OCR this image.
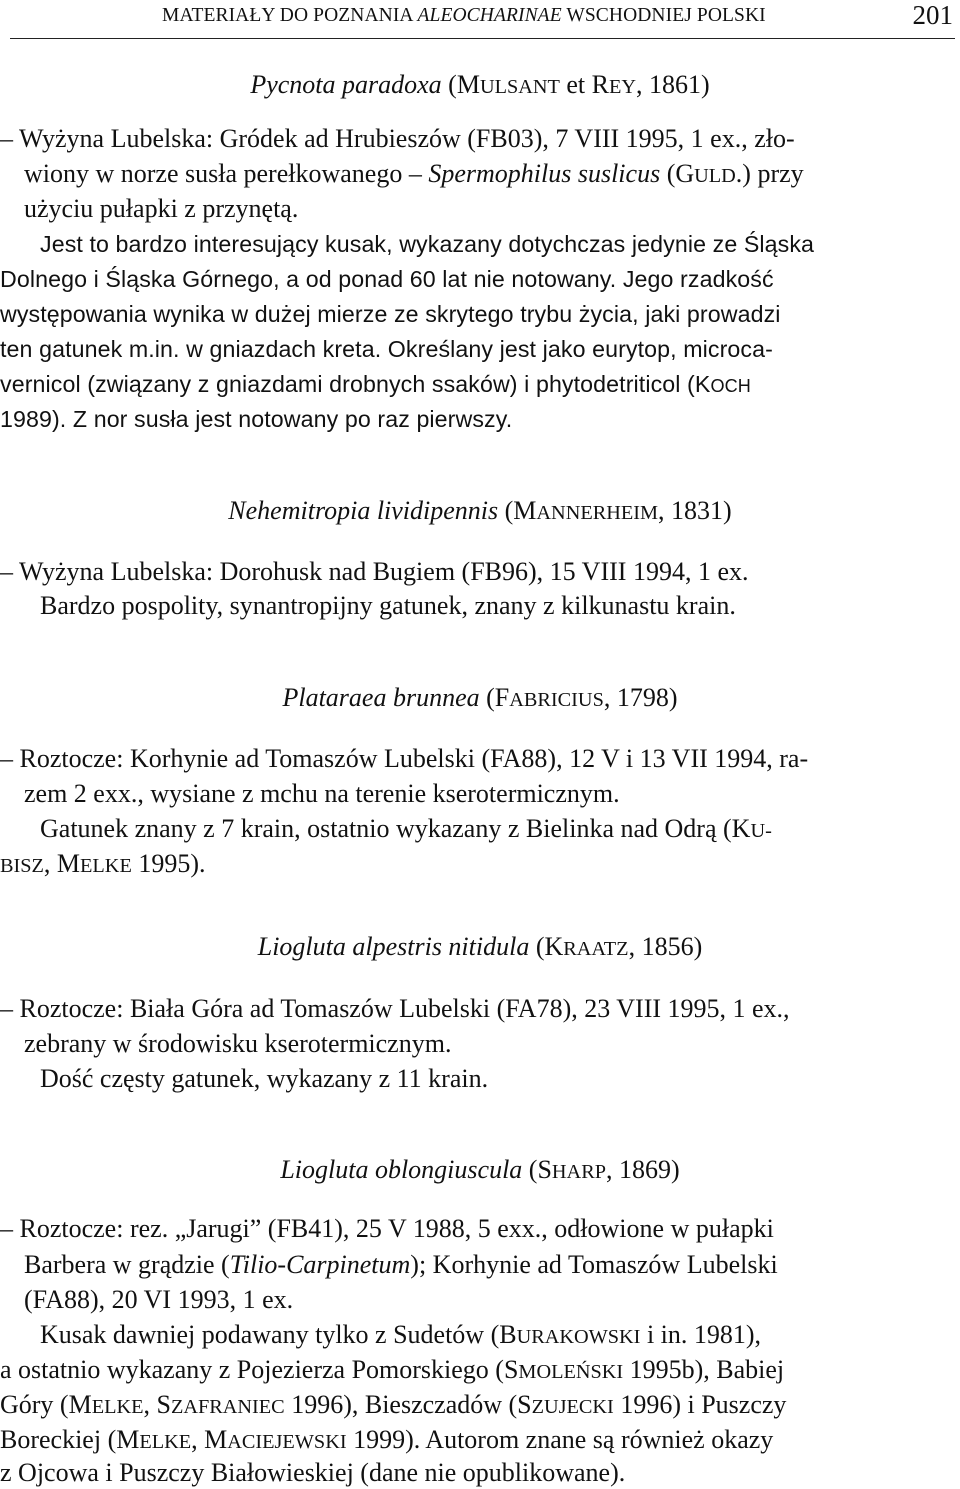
MATERIAŁY DO POZNANIA ALEOCHARINAE WSCHODNIEJ POLSKI	201
Pycnota paradoxa (MULSANT et REY, 1861)
– Wyżyna Lubelska: Gródek ad Hrubieszów (FB03), 7 VIII 1995, 1 ex., zło-
wiony w norze susła perełkowanego – Spermophilus suslicus (GULD.) przy
użyciu pułapki z przynętą.
Jest to bardzo interesujący kusak, wykazany dotychczas jedynie ze Śląska
Dolnego i Śląska Górnego, a od ponad 60 lat nie notowany. Jego rzadkość
występowania wynika w dużej mierze ze skrytego trybu życia, jaki prowadzi
ten gatunek m.in. w gniazdach kreta. Określany jest jako eurytop, microca-
vernicol (związany z gniazdami drobnych ssaków) i phytodetriticol (KOCH
1989). Z nor susła jest notowany po raz pierwszy.
Nehemitropia lividipennis (MANNERHEIM, 1831)
– Wyżyna Lubelska: Dorohusk nad Bugiem (FB96), 15 VIII 1994, 1 ex.
Bardzo pospolity, synantropijny gatunek, znany z kilkunastu krain.
Plataraea brunnea (FABRICIUS, 1798)
– Roztocze: Korhynie ad Tomaszów Lubelski (FA88), 12 V i 13 VII 1994, ra-
zem 2 exx., wysiane z mchu na terenie kserotermicznym.
Gatunek znany z 7 krain, ostatnio wykazany z Bielinka nad Odrą (KU-
BISZ, MELKE 1995).
Liogluta alpestris nitidula (KRAATZ, 1856)
– Roztocze: Biała Góra ad Tomaszów Lubelski (FA78), 23 VIII 1995, 1 ex.,
zebrany w środowisku kserotermicznym.
Dość częsty gatunek, wykazany z 11 krain.
Liogluta oblongiuscula (SHARP, 1869)
– Roztocze: rez. „Jarugi” (FB41), 25 V 1988, 5 exx., odłowione w pułapki
Barbera w grądzie (Tilio-Carpinetum); Korhynie ad Tomaszów Lubelski
(FA88), 20 VI 1993, 1 ex.
Kusak dawniej podawany tylko z Sudetów (BURAKOWSKI i in. 1981),
a ostatnio wykazany z Pojezierza Pomorskiego (SMOLEŃSKI 1995b), Babiej
Góry (MELKE, SZAFRANIEC 1996), Bieszczadów (SZUJECKI 1996) i Puszczy
Boreckiej (MELKE, MACIEJEWSKI 1999). Autorom znane są również okazy
z Ojcowa i Puszczy Białowieskiej (dane nie opublikowane).
